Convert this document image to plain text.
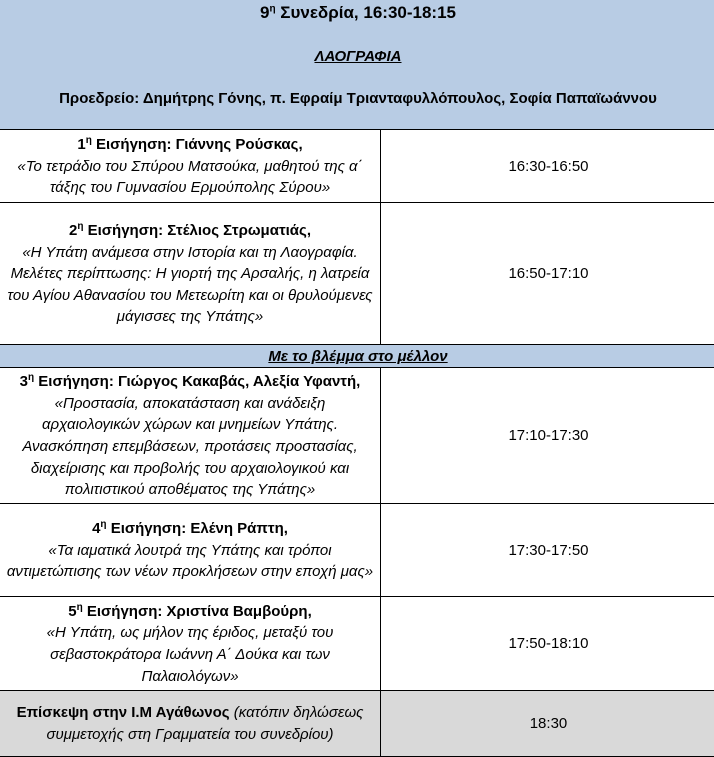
$9^\eta$ Συνεδρία, 16:30-18:15
ΛΑΟΓΡΑΦΙΑ
Προεδρείο: Δημήτρης Γόνης, π. Εφραίμ Τριανταφυλλόπουλος, Σοφία Παπαϊωάννου	

$1^\eta$ Εισήγηση: Γιάννης Ρούσκας,
«Το τετράδιο του Σπύρου Ματσούκα, μαθητού της α΄ τάξης του Γυμνασίου Ερμούπολης Σύρου»	16:30-16:50
$2^\eta$ Εισήγηση: Στέλιος Στρωματιάς,
«Η Υπάτη ανάμεσα στην Ιστορία και τη Λαογραφία. Μελέτες περίπτωσης: Η γιορτή της Αρσαλής, η λατρεία του Αγίου Αθανασίου του Μετεωρίτη και οι θρυλούμενες μάγισσες της Υπάτης»	16:50-17:10
Με το βλέμμα στο μέλλον	
$3^\eta$ Εισήγηση: Γιώργος Κακαβάς, Αλεξία Υφαντή,
«Προστασία, αποκατάσταση και ανάδειξη αρχαιολογικών χώρων και μνημείων Υπάτης. Ανασκόπηση επεμβάσεων, προτάσεις προστασίας, διαχείρισης και προβολής του αρχαιολογικού και πολιτιστικού αποθέματος της Υπάτης»	17:10-17:30
$4^\eta$ Εισήγηση: Ελένη Ράπτη,
«Τα ιαματικά λουτρά της Υπάτης και τρόποι αντιμετώπισης των νέων προκλήσεων στην εποχή μας»	17:30-17:50
$5^\eta$ Εισήγηση: Χριστίνα Βαμβούρη,
«Η Υπάτη, ως μήλον της έριδος, μεταξύ του σεβαστοκράτορα Ιωάννη Α΄ Δούκα και των Παλαιολόγων»	17:50-18:10
Επίσκεψη στην Ι.Μ Αγάθωνος (κατόπιν δηλώσεως συμμετοχής στη Γραμματεία του συνεδρίου)	18:30
